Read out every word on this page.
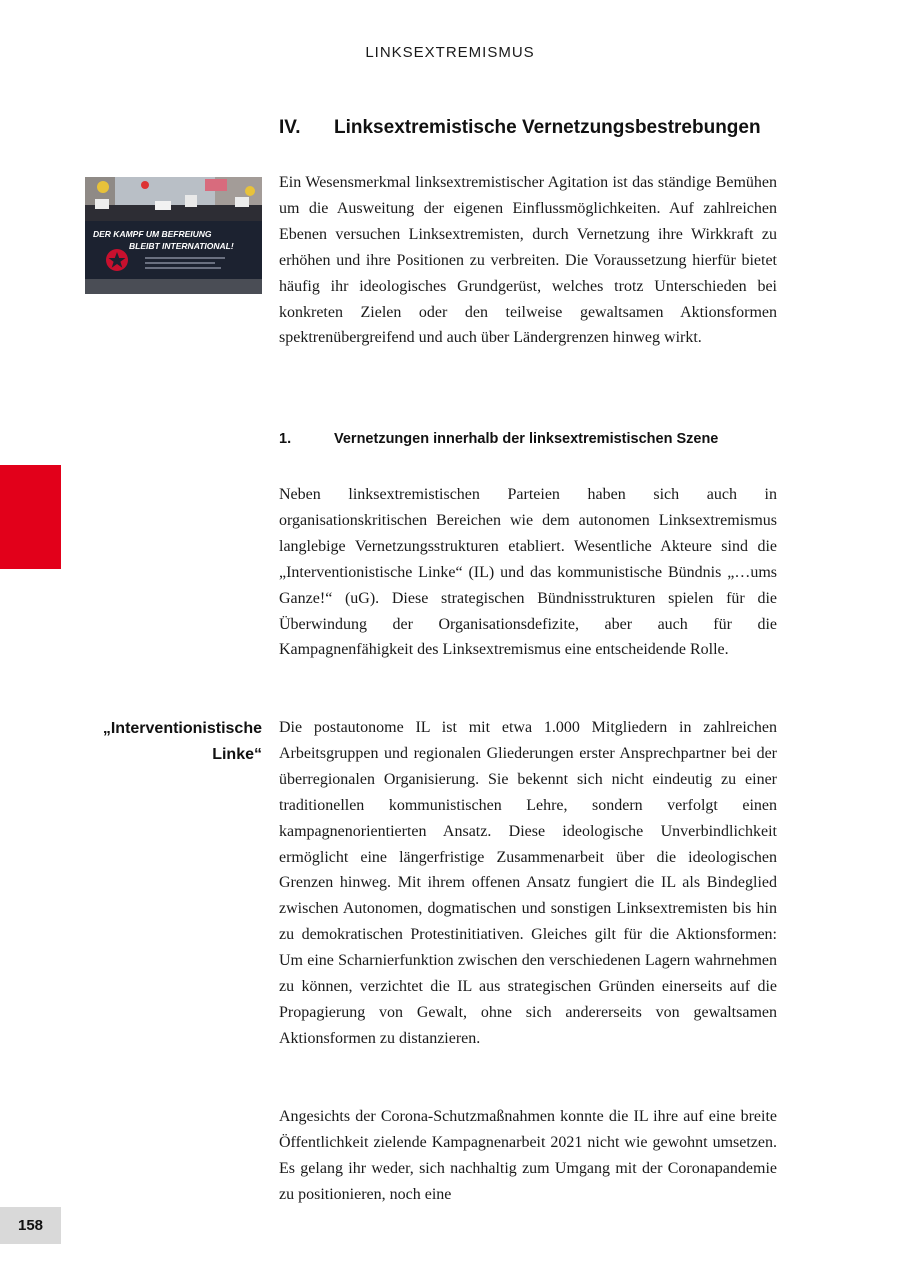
LINKSEXTREMISMUS
IV. Linksextremistische Vernetzungsbestrebungen
DER KAMPF UM BEFREIUNG
BLEIBT INTERNATIONAL!

Ein Wesensmerkmal linksextremistischer Agitation ist das ständige Bemühen um die Ausweitung der eigenen Einflussmöglichkeiten. Auf zahlreichen Ebenen versuchen Linksextremisten, durch Vernetzung ihre Wirkkraft zu erhöhen und ihre Positionen zu verbreiten. Die Voraussetzung hierfür bietet häufig ihr ideologisches Grundgerüst, welches trotz Unterschieden bei konkreten Zielen oder den teilweise gewaltsamen Aktionsformen spektrenübergreifend und auch über Ländergrenzen hinweg wirkt.

1.	Vernetzungen innerhalb der linksextremistischen Szene

Neben linksextremistischen Parteien haben sich auch in organisationskritischen Bereichen wie dem autonomen Linksextremismus langlebige Vernetzungsstrukturen etabliert. Wesentliche Akteure sind die „Interventionistische Linke“ (IL) und das kommunistische Bündnis „…ums Ganze!“ (uG). Diese strategischen Bündnisstrukturen spielen für die Überwindung der Organisationsdefizite, aber auch für die Kampagnenfähigkeit des Linksextremismus eine entscheidende Rolle.

„Interventionistische
Linke“

Die postautonome IL ist mit etwa 1.000 Mitgliedern in zahlreichen Arbeitsgruppen und regionalen Gliederungen erster Ansprechpartner bei der überregionalen Organisierung. Sie bekennt sich nicht eindeutig zu einer traditionellen kommunistischen Lehre, sondern verfolgt einen kampagnenorientierten Ansatz. Diese ideologische Unverbindlichkeit ermöglicht eine längerfristige Zusammenarbeit über die ideologischen Grenzen hinweg. Mit ihrem offenen Ansatz fungiert die IL als Bindeglied zwischen Autonomen, dogmatischen und sonstigen Linksextremisten bis hin zu demokratischen Protestinitiativen. Gleiches gilt für die Aktionsformen: Um eine Scharnierfunktion zwischen den verschiedenen Lagern wahrnehmen zu können, verzichtet die IL aus strategischen Gründen einerseits auf die Propagierung von Gewalt, ohne sich andererseits von gewaltsamen Aktionsformen zu distanzieren.

Angesichts der Corona-Schutzmaßnahmen konnte die IL ihre auf eine breite Öffentlichkeit zielende Kampagnenarbeit 2021 nicht wie gewohnt umsetzen. Es gelang ihr weder, sich nachhaltig zum Umgang mit der Coronapandemie zu positionieren, noch eine

158
